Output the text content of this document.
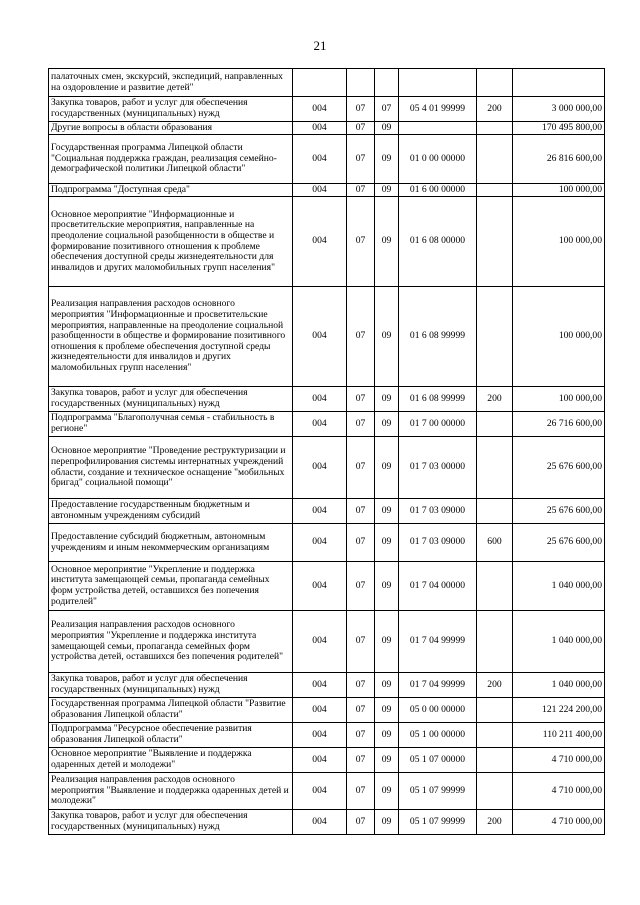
21
палаточных смен, экскурсий, экспедиций, направленных на оздоровление и развитие детей"						
Закупка товаров, работ и услуг для обеспечения государственных (муниципальных) нужд	004	07	07	05 4 01 99999	200	3 000 000,00
Другие вопросы в области образования	004	07	09			170 495 800,00
Государственная программа Липецкой области "Социальная поддержка граждан, реализация семейно-демографической политики Липецкой области"	004	07	09	01 0 00 00000		26 816 600,00
Подпрограмма "Доступная среда"	004	07	09	01 6 00 00000		100 000,00
Основное мероприятие "Информационные и просветительские мероприятия, направленные на преодоление социальной разобщенности в обществе и формирование позитивного отношения к проблеме обеспечения доступной среды жизнедеятельности для инвалидов и других маломобильных групп населения"	004	07	09	01 6 08 00000		100 000,00
Реализация направления расходов основного мероприятия "Информационные и просветительские мероприятия, направленные на преодоление социальной разобщенности в обществе и формирование позитивного отношения к проблеме обеспечения доступной среды жизнедеятельности для инвалидов и других маломобильных групп населения"	004	07	09	01 6 08 99999		100 000,00
Закупка товаров, работ и услуг для обеспечения государственных (муниципальных) нужд	004	07	09	01 6 08 99999	200	100 000,00
Подпрограмма "Благополучная семья - стабильность в регионе"	004	07	09	01 7 00 00000		26 716 600,00
Основное мероприятие "Проведение реструктуризации и перепрофилирования системы интернатных учреждений области, создание и техническое оснащение "мобильных бригад" социальной помощи"	004	07	09	01 7 03 00000		25 676 600,00
Предоставление государственным бюджетным и автономным учреждениям субсидий	004	07	09	01 7 03 09000		25 676 600,00
Предоставление субсидий бюджетным, автономным учреждениям и иным некоммерческим организациям	004	07	09	01 7 03 09000	600	25 676 600,00
Основное мероприятие "Укрепление и поддержка института замещающей семьи, пропаганда семейных форм устройства детей, оставшихся без попечения родителей"	004	07	09	01 7 04 00000		1 040 000,00
Реализация направления расходов основного мероприятия "Укрепление и поддержка института замещающей семьи, пропаганда семейных форм устройства детей, оставшихся без попечения родителей"	004	07	09	01 7 04 99999		1 040 000,00
Закупка товаров, работ и услуг для обеспечения государственных (муниципальных) нужд	004	07	09	01 7 04 99999	200	1 040 000,00
Государственная программа Липецкой области "Развитие образования Липецкой области"	004	07	09	05 0 00 00000		121 224 200,00
Подпрограмма "Ресурсное обеспечение развития образования Липецкой области"	004	07	09	05 1 00 00000		110 211 400,00
Основное мероприятие "Выявление и поддержка одаренных детей и молодежи"	004	07	09	05 1 07 00000		4 710 000,00
Реализация направления расходов основного мероприятия "Выявление и поддержка одаренных детей и молодежи"	004	07	09	05 1 07 99999		4 710 000,00
Закупка товаров, работ и услуг для обеспечения государственных (муниципальных) нужд	004	07	09	05 1 07 99999	200	4 710 000,00
